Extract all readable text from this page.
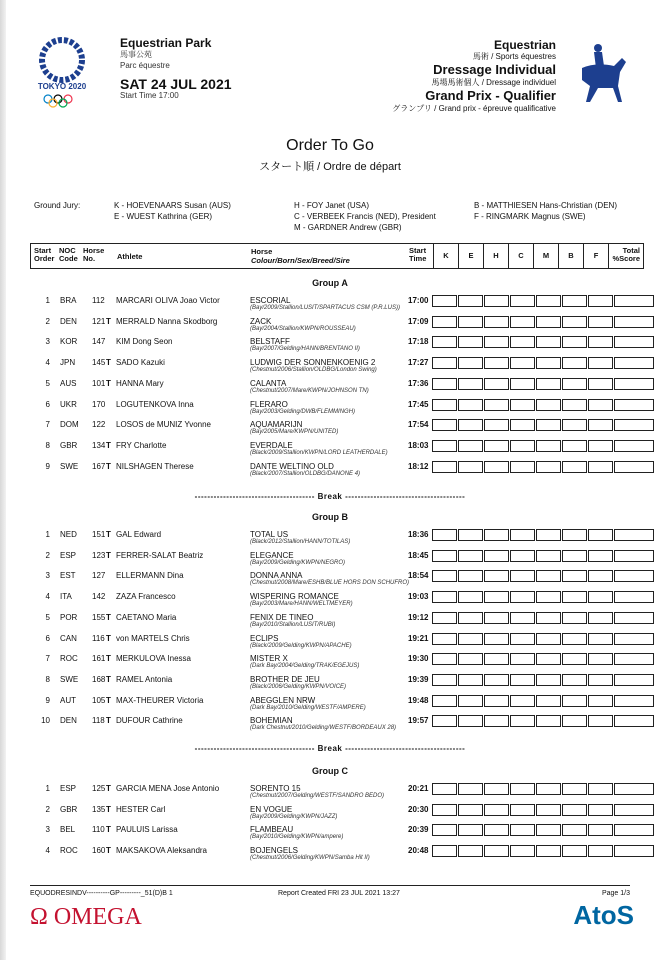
TOKYO 2020
Equestrian Park
馬事公苑
Parc équestre
SAT 24 JUL 2021
Start Time 17:00
Equestrian
馬術 / Sports équestres
Dressage Individual
馬場馬術個人 / Dressage individuel
Grand Prix - Qualifier
グランプリ / Grand prix - épreuve qualificative
Order To Go
スタート順 / Ordre de départ
Ground Jury:	K - HOEVENAARS Susan (AUS)
E - WUEST Kathrina (GER)
H - FOY Janet (USA)
C - VERBEEK Francis (NED), President
M - GARDNER Andrew (GBR)
B - MATTHIESEN Hans-Christian (DEN)
F - RINGMARK Magnus (SWE)
Start Order
NOC Code
Horse No.	Athlete
Horse
Colour/Born/Sex/Breed/Sire
Start Time	K	E	H	C	M	B	F
Total %Score
Group A
1 BRA 112 MARCARI OLIVA Joao Victor	ESCORIAL	17:00
(Bay/2009/Stallion/LUSIT/SPARTACUS CSM (P.R.LUS))
2 DEN 121 T MERRALD Nanna Skodborg	ZACK	17:09
(Bay/2004/Stallion/KWPN/ROUSSEAU)
3 KOR 147 KIM Dong Seon	BELSTAFF	17:18
(Bay/2007/Gelding/HANN/BRENTANO II)
4 JPN 145 T SADO Kazuki	LUDWIG DER SONNENKOENIG 2	17:27
(Chestnut/2006/Stallion/OLDBG/London Swing)
5 AUS 101 T HANNA Mary	CALANTA	17:36
(Chestnut/2007/Mare/KWPN/JOHNSON TN)
6 UKR 170 LOGUTENKOVA Inna	FLERARO	17:45
(Bay/2003/Gelding/DWB/FLEMMINGH)
7 DOM 122 LOSOS de MUNIZ Yvonne	AQUAMARIJN	17:54
(Bay/2005/Mare/KWPN/UNITED)
8 GBR 134 T FRY Charlotte	EVERDALE	18:03
(Black/2009/Stallion/KWPN/LORD LEATHERDALE)
9 SWE 167 T NILSHAGEN Therese	DANTE WELTINO OLD	18:12
(Black/2007/Stallion/OLDBG/DANONE 4)
Group B
1 NED 151 T GAL Edward	TOTAL US	18:36
(Black/2012/Stallion/HANN/TOTILAS)
2 ESP 123 T FERRER-SALAT Beatriz	ELEGANCE	18:45
(Bay/2009/Gelding/KWPN/NEGRO)
3 EST 127 ELLERMANN Dina	DONNA ANNA	18:54
(Chestnut/2008/Mare/ESHB/BLUE HORS DON SCHUFRO)
4 ITA	142 ZAZA Francesco	WISPERING ROMANCE	19:03
(Bay/2003/Mare/HANN/WELTMEYER)
5 POR 155 T CAETANO Maria	FENIX DE TINEO	19:12
(Bay/2010/Stallion/LUSIT/RUBI)
6 CAN 116 T von MARTELS Chris	ECLIPS	19:21
(Black/2009/Gelding/KWPN/APACHE)
7 ROC 161 T MERKULOVA Inessa	MISTER X	19:30
(Dark Bay/2004/Gelding/TRAK/EGEJUS)
8 SWE 168 T RAMEL Antonia	BROTHER DE JEU	19:39
(Black/2006/Gelding/KWPN/VOICE)
9 AUT 105 T MAX-THEURER Victoria	ABEGGLEN NRW	19:48
(Dark Bay/2010/Gelding/WESTF/AMPERE)
10 DEN 118 T DUFOUR Cathrine	BOHEMIAN	19:57
(Dark Chestnut/2010/Gelding/WESTF/BORDEAUX 28)
Group C
1 ESP 125 T GARCIA MENA Jose Antonio	SORENTO 15	20:21
(Chestnut/2007/Gelding/WESTF/SANDRO BEDO)
2 GBR 135 T HESTER Carl	EN VOGUE	20:30
(Bay/2009/Gelding/KWPN/JAZZ)
3 BEL 110 T PAULUIS Larissa	FLAMBEAU	20:39
(Bay/2010/Gelding/KWPN/ampere)
4 ROC 160 T MAKSAKOVA Aleksandra	BOJENGELS	20:48
(Chestnut/2006/Gelding/KWPN/Samba Hit II)
-------------------------------------- Break --------------------------------------
-------------------------------------- Break --------------------------------------
EQUODRESINDV----------GP---------_51(D)B 1	Report Created FRI 23 JUL 2021 13:27	Page 1/3
Ω OMEGA	AtoS
